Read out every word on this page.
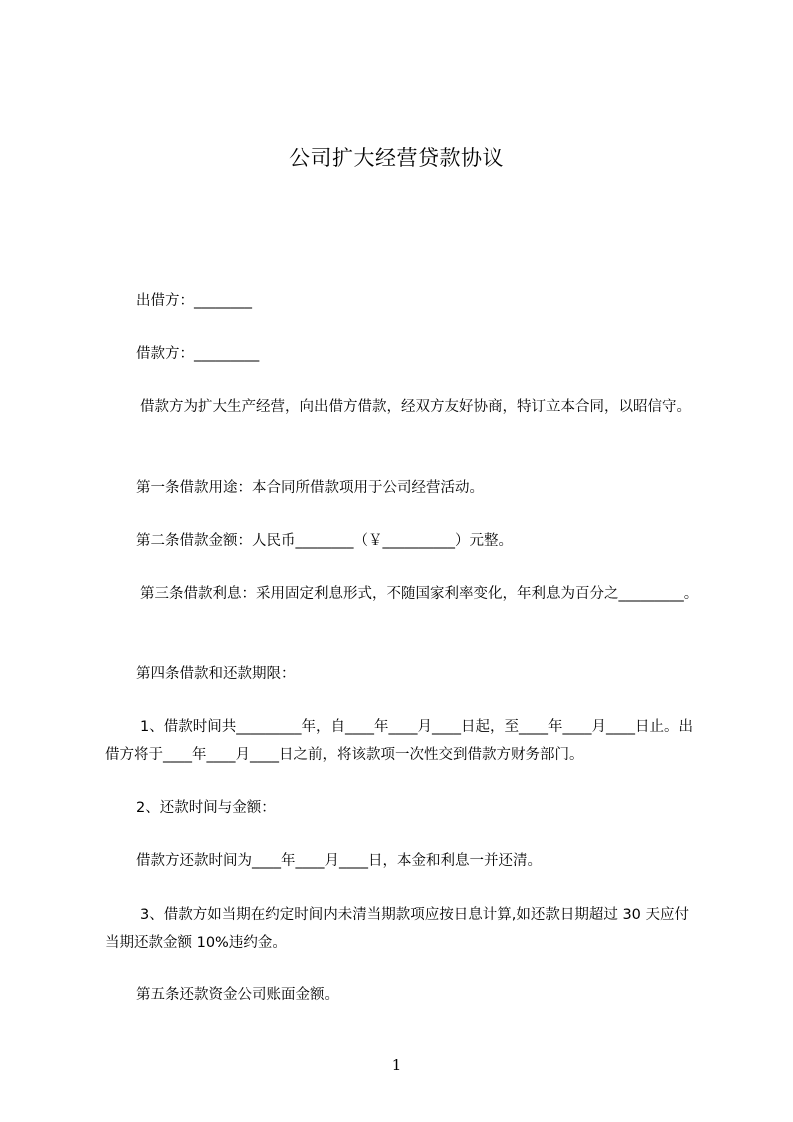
公司扩大经营贷款协议

出借方：________

借款方：_________

借款方为扩大生产经营，向出借方借款，经双方友好协商，特订立本合同，以昭信守。

第一条借款用途：本合同所借款项用于公司经营活动。

第二条借款金额：人民币________（￥__________）元整。

第三条借款利息：采用固定利息形式，不随国家利率变化，年利息为百分之_________。

第四条借款和还款期限：

1、借款时间共_________年，自____年____月____日起，至____年____月____日止。出借方将于____年____月____日之前，将该款项一次性交到借款方财务部门。

2、还款时间与金额：

借款方还款时间为____年____月____日，本金和利息一并还清。

3、借款方如当期在约定时间内未清当期款项应按日息计算,如还款日期超过 30 天应付当期还款金额 10%违约金。

第五条还款资金公司账面金额。

1
